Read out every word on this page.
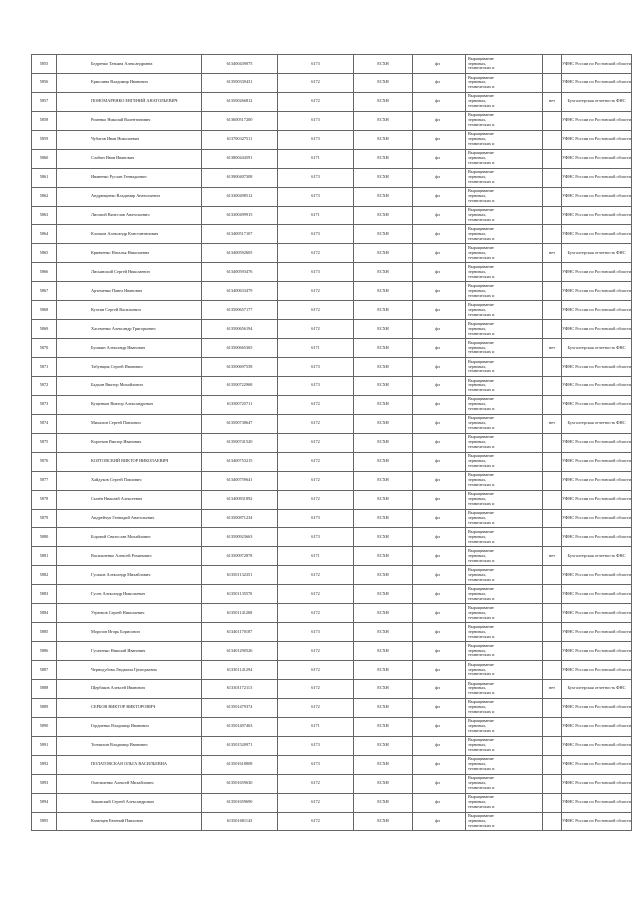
5855	Бедренко Татьяна Александровна	613400439075	6173	ЕСХН	фл	Выращивание
зерновых,
технических и		УФНС России по Ростовской области
5856	Ермолина Владимир Иванович	613500339431	6172	ЕСХН	фл	Выращивание
зерновых,
технических и		УФНС России по Ростовской области
5857	ПОНОМАРЕНКО ЕВГЕНИЙ АНАТОЛЬЕВИЧ	613500266812	6172	ЕСХН	фл	Выращивание
зерновых,
технических и	нет	Бухгалтерская отчетность ФНС
5858	Роменко Николай Валентинович	613600517200	6173	ЕСХН	фл	Выращивание
зерновых,
технических и		УФНС России по Ростовской области
5859	Чубатов Иван Николаевич	613700327511	6173	ЕСХН	фл	Выращивание
зерновых,
технических и		УФНС России по Ростовской области
5860	Слабин Иван Иванович	613800444591	6171	ЕСХН	фл	Выращивание
зерновых,
технических и		УФНС России по Ростовской области
5861	Иваненко Руслан Геннадьевич	613900407308	6173	ЕСХН	фл	Выращивание
зерновых,
технических и		УФНС России по Ростовской области
5862	Андрющенко Владимир Анатольевич	613300498512	6173	ЕСХН	фл	Выращивание
зерновых,
технических и		УФНС России по Ростовской области
5863	Лисовой Вячеслав Анатольевич	613300499915	6171	ЕСХН	фл	Выращивание
зерновых,
технических и		УФНС России по Ростовской области
5864	Клочков Александр Константинович	613400517107	6173	ЕСХН	фл	Выращивание
зерновых,
технических и		УФНС России по Ростовской области
5865	Кривченко Наталья Николаевна	613400592605	6172	ЕСХН	фл	Выращивание
зерновых,
технических и	нет	Бухгалтерская отчетность ФНС
5866	Лисьянский Сергей Николаевич	613400593476	6173	ЕСХН	фл	Выращивание
зерновых,
технических и		УФНС России по Ростовской области
5867	Артеменко Павел Иванович	613400633479	6172	ЕСХН	фл	Выращивание
зерновых,
технических и		УФНС России по Ростовской области
5868	Кухтин Сергей Васильевич	613500657177	6172	ЕСХН	фл	Выращивание
зерновых,
технических и		УФНС России по Ростовской области
5869	Хасеменко Александр Григорьевич	613500656194	6172	ЕСХН	фл	Выращивание
зерновых,
технических и		УФНС России по Ростовской области
5870	Бушкин Александр Иванович	613500665365	6171	ЕСХН	фл	Выращивание
зерновых,
технических и	нет	Бухгалтерская отчетность ФНС
5871	Табунщик Сергей Иванович	613500697558	6173	ЕСХН	фл	Выращивание
зерновых,
технических и		УФНС России по Ростовской области
5872	Бадьин Виктор Михайлович	613500722968	6173	ЕСХН	фл	Выращивание
зерновых,
технических и		УФНС России по Ростовской области
5873	Кущенков Виктор Александрович	613500725711	6172	ЕСХН	фл	Выращивание
зерновых,
технических и		УФНС России по Ростовской области
5874	Михалин Сергей Павлович	613500738647	6172	ЕСХН	фл	Выращивание
зерновых,
технических и	нет	Бухгалтерская отчетность ФНС
5875	Коротков Виктор Иванович	613500741520	6172	ЕСХН	фл	Выращивание
зерновых,
технических и		УФНС России по Ростовской области
5876	КОЛТОВСКИЙ ВИКТОР НИКОЛАЕВИЧ	613400753215	6172	ЕСХН	фл	Выращивание
зерновых,
технических и		УФНС России по Ростовской области
5877	Хайдуков Сергей Павлович	613400759641	6172	ЕСХН	фл	Выращивание
зерновых,
технических и		УФНС России по Ростовской области
5878	Сычёв Николай Алексеевич	613400831892	6172	ЕСХН	фл	Выращивание
зерновых,
технических и		УФНС России по Ростовской области
5879	Андрейчук Геннадий Анатольевич	613500871234	6173	ЕСХН	фл	Выращивание
зерновых,
технических и		УФНС России по Ростовской области
5880	Боровой Святослав Михайлович	613500923663	6173	ЕСХН	фл	Выращивание
зерновых,
технических и		УФНС России по Ростовской области
5881	Васильченко Алексей Романович	613500972878	6171	ЕСХН	фл	Выращивание
зерновых,
технических и	нет	Бухгалтерская отчетность ФНС
5882	Гусаков Александр Михайлович	613501132351	6172	ЕСХН	фл	Выращивание
зерновых,
технических и		УФНС России по Ростовской области
5883	Гусев Александр Николаевич	613501135570	6172	ЕСХН	фл	Выращивание
зерновых,
технических и		УФНС России по Ростовской области
5884	Угрюмов Сергей Николаевич	613501141268	6172	ЕСХН	фл	Выращивание
зерновых,
технических и		УФНС России по Ростовской области
5885	Морозов Игорь Борисович	613401170187	6173	ЕСХН	фл	Выращивание
зерновых,
технических и		УФНС России по Ростовской области
5886	Гусаченко Николай Иванович	613401290526	6172	ЕСХН	фл	Выращивание
зерновых,
технических и		УФНС России по Ростовской области
5887	Чернодубова Людмила Григорьевна	613301141294	6172	ЕСХН	фл	Выращивание
зерновых,
технических и		УФНС России по Ростовской области
5888	Щербаков Алексей Иванович	613301172113	6172	ЕСХН	фл	Выращивание
зерновых,
технических и	нет	Бухгалтерская отчетность ФНС
5889	СЕРБОВ ВИКТОР ВИКТОРОВИЧ	613501479374	6172	ЕСХН	фл	Выращивание
зерновых,
технических и		УФНС России по Ростовской области
5890	Гордиенко Владимир Иванович	613501497463	6171	ЕСХН	фл	Выращивание
зерновых,
технических и		УФНС России по Ростовской области
5891	Тончихин Владимир Иванович	613501520971	6173	ЕСХН	фл	Выращивание
зерновых,
технических и		УФНС России по Ростовской области
5892	ПОЛАТОВСКАЯ ОЛЬГА ВАСИЛЬЕВНА	613501618808	6173	ЕСХН	фл	Выращивание
зерновых,
технических и		УФНС России по Ростовской области
5893	Омельченко Алексей Михайлович	613501659630	6172	ЕСХН	фл	Выращивание
зерновых,
технических и		УФНС России по Ростовской области
5894	Зыковский Сергей Александрович	613501659690	6172	ЕСХН	фл	Выращивание
зерновых,
технических и		УФНС России по Ростовской области
5895	Казанцев Евгений Павлович	613501681143	6172	ЕСХН	фл	Выращивание
зерновых,
технических и		УФНС России по Ростовской области
